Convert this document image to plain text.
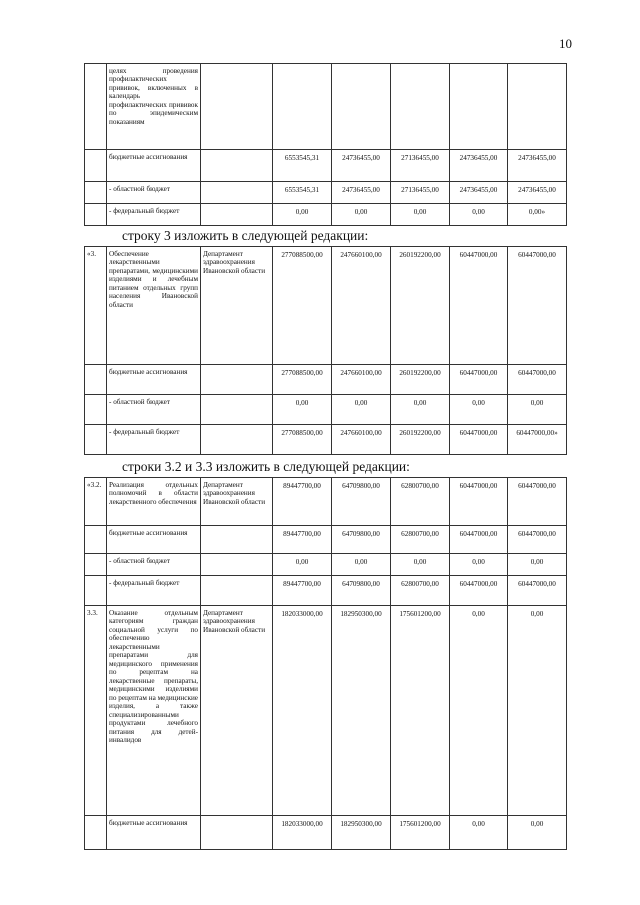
10
	целях проведения профилактических прививок, включенных в календарь профилактических прививок по эпидемическим показаниям						
	бюджетные ассигнования		6553545,31	24736455,00	27136455,00	24736455,00	24736455,00
	- областной бюджет		6553545,31	24736455,00	27136455,00	24736455,00	24736455,00
	- федеральный бюджет		0,00	0,00	0,00	0,00	0,00»
строку 3 изложить в следующей редакции:
«3.	Обеспечение лекарственными препаратами, медицинскими изделиями и лечебным питанием отдельных групп населения Ивановской области	Департамент здравоохранения Ивановской области	277088500,00	247660100,00	260192200,00	60447000,00	60447000,00
	бюджетные ассигнования		277088500,00	247660100,00	260192200,00	60447000,00	60447000,00
	- областной бюджет		0,00	0,00	0,00	0,00	0,00
	- федеральный бюджет		277088500,00	247660100,00	260192200,00	60447000,00	60447000,00»
строки 3.2 и 3.3 изложить в следующей редакции:
«3.2.	Реализация отдельных полномочий в области лекарственного обеспечения	Департамент здравоохранения Ивановской области	89447700,00	64709800,00	62800700,00	60447000,00	60447000,00
	бюджетные ассигнования		89447700,00	64709800,00	62800700,00	60447000,00	60447000,00
	- областной бюджет		0,00	0,00	0,00	0,00	0,00
	- федеральный бюджет		89447700,00	64709800,00	62800700,00	60447000,00	60447000,00
3.3.	Оказание отдельным категориям граждан социальной услуги по обеспечению лекарственными препаратами для медицинского применения по рецептам на лекарственные препараты, медицинскими изделиями по рецептам на медицинские изделия, а также специализированными продуктами лечебного питания для детей-инвалидов	Департамент здравоохранения Ивановской области	182033000,00	182950300,00	175601200,00	0,00	0,00
	бюджетные ассигнования		182033000,00	182950300,00	175601200,00	0,00	0,00
